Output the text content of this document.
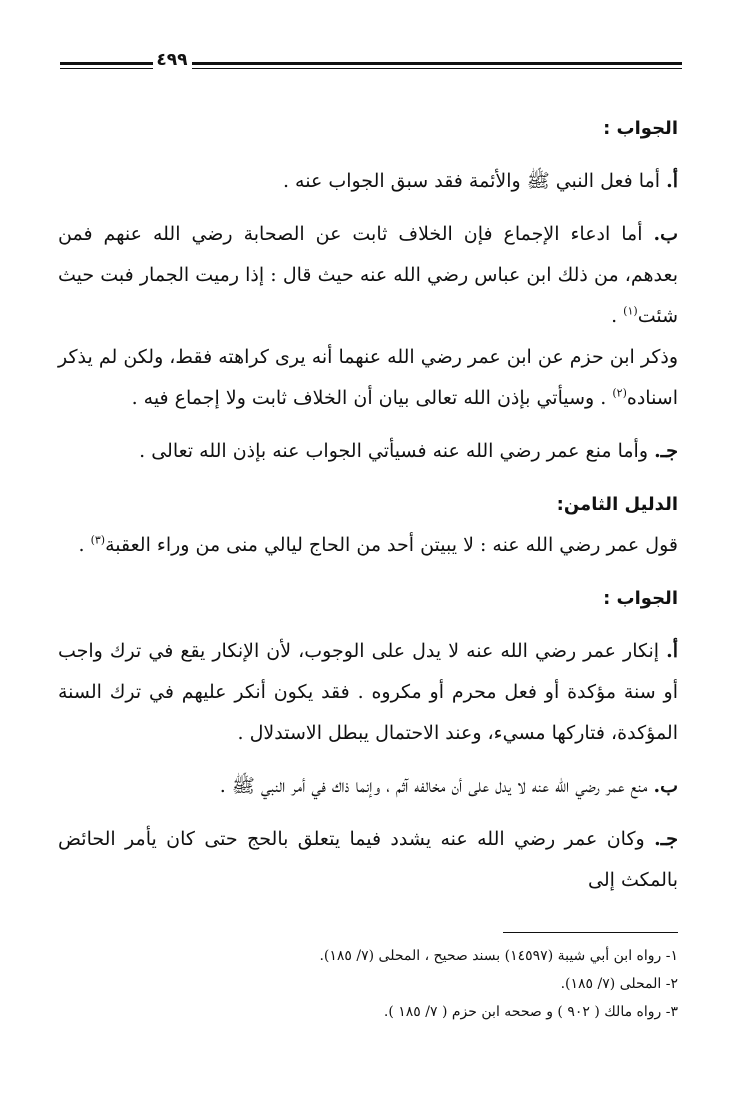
٤٩٩

الجواب :

أ. أما فعل النبي ﷺ والأئمة فقد سبق الجواب عنه .

ب. أما ادعاء الإجماع فإن الخلاف ثابت عن الصحابة رضي الله عنهم فمن بعدهم، من ذلك ابن عباس رضي الله عنه حيث قال : إذا رميت الجمار فبت حيث شئت$^{(١)}$ .

وذكر ابن حزم عن ابن عمر رضي الله عنهما أنه يرى كراهته فقط، ولكن لم يذكر اسناده$^{(٢)}$ . وسيأتي بإذن الله تعالى بيان أن الخلاف ثابت ولا إجماع فيه .

جـ. وأما منع عمر رضي الله عنه فسيأتي الجواب عنه بإذن الله تعالى .

الدليل الثامن:

قول عمر رضي الله عنه : لا يبيتن أحد من الحاج ليالي منى من وراء العقبة$^{(٣)}$ .

الجواب :

أ. إنكار عمر رضي الله عنه لا يدل على الوجوب، لأن الإنكار يقع في ترك واجب أو سنة مؤكدة أو فعل محرم أو مكروه . فقد يكون أنكر عليهم في ترك السنة المؤكدة، فتاركها مسيء، وعند الاحتمال يبطل الاستدلال .

ب. منع عمر رضي الله عنه لا يدل على أن مخالفه آثم ، وإنما ذاك في أمر النبي ﷺ .

جـ. وكان عمر رضي الله عنه يشدد فيما يتعلق بالحج حتى كان يأمر الحائض بالمكث إلى

١- رواه ابن أبي شيبة (١٤٥٩٧) بسند صحيح ، المحلى (٧/ ١٨٥).
٢- المحلى (٧/ ١٨٥).
٣- رواه مالك ( ٩٠٢ ) و صححه ابن حزم ( ٧/ ١٨٥ ).
